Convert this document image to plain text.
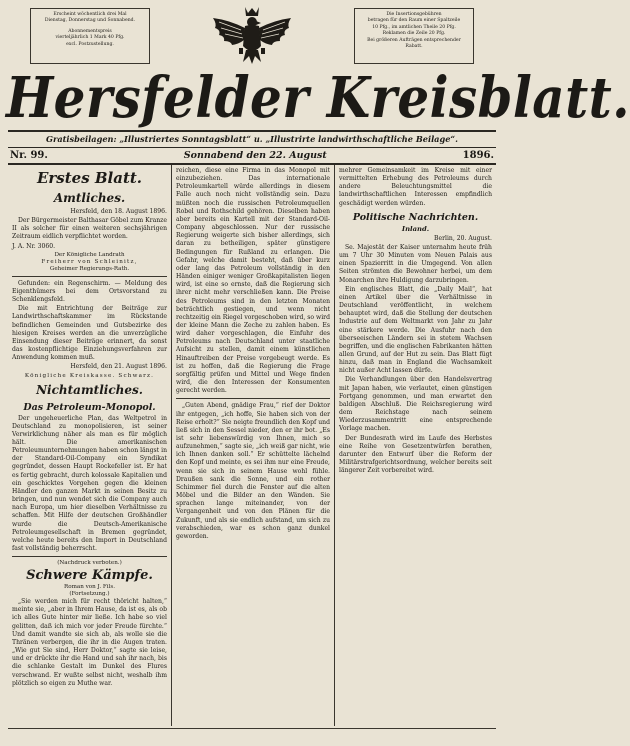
Erscheint wöchentlich drei Mal
Dienstag, Donnerstag und Sonnabend.
Abonnementspreis
vierteljährlich 1 Mark 40 Pfg.
excl. Postzustellung.
Die Insertionsgebühren
betragen für den Raum einer Spaltzeile
10 Pfg., im amtlichen Theile 20 Pfg.
Reklamen die Zeile 20 Pfg.
Bei größeren Aufträgen entsprechender
Rabatt.
Hersfelder Kreisblatt.
Gratisbeilagen: „Illustriertes Sonntagsblatt“ u. „Illustrirte landwirthschaftliche Beilage“.
Nr. 99.	Sonnabend den 22. August	1896.
Erstes Blatt.
Amtliches.

Hersfeld, den 18. August 1896.

Der Bürgermeister Balthasar Göbel zum Kranze II als solcher für einen weiteren sechsjährigen Zeitraum eidlich verpflichtet worden.

J. A. Nr. 3060.

Der Königliche Landrath

Freiherr von Schleinitz,

Geheimer Regierungs-Rath.

Gefunden: ein Regenschirm. — Meldung des Eigenthümers bei dem Ortsvorstand zu Schenklengsfeld.

Die mit Entrichtung der Beiträge zur Landwirthschaftskammer im Rückstande befindlichen Gemeinden und Gutsbezirke des hiesigen Kreises werden an die unverzügliche Einsendung dieser Beiträge erinnert, da sonst das kostenpflichtige Einziehungsverfahren zur Anwendung kommen muß.

Hersfeld, den 21. August 1896.

Königliche Kreiskasse. Schwarz.

Nichtamtliches.
Das Petroleum-Monopol.

Der ungeheuerliche Plan, das Weltpetrol in Deutschland zu monopolisieren, ist seiner Verwirklichung näher als man es für möglich hält. Die amerikanischen Petroleumunternehmungen haben schon längst in der Standard-Oil-Company ein Syndikat gegründet, dessen Haupt Rockefeller ist. Er hat es fertig gebracht, durch kolossale Kapitalien und ein geschicktes Vorgehen gegen die kleinen Händler den ganzen Markt in seinen Besitz zu bringen, und nun wendet sich die Company auch nach Europa, um hier dieselben Verhältnisse zu schaffen. Mit Hilfe der deutschen Großhändler wurde die Deutsch-Amerikanische Petroleumgesellschaft in Bremen gegründet, welche heute bereits den Import in Deutschland fast vollständig beherrscht.

(Nachdruck verboten.)

Schwere Kämpfe.

Roman von J. Fils.

(Fortsetzung.)

„Sie werden mich für recht thöricht halten,“ meinte sie, „aber in Ihrem Hause, da ist es, als ob ich alles Gute hinter mir ließe. Ich habe so viel gelitten, daß ich mich vor jeder Freude fürchte.“ Und damit wandte sie sich ab, als wolle sie die Thränen verbergen, die ihr in die Augen traten. „Wie gut Sie sind, Herr Doktor,“ sagte sie leise, und er drückte ihr die Hand und sah ihr nach, bis die schlanke Gestalt im Dunkel des Flures verschwand. Er wußte selbst nicht, weshalb ihm plötzlich so eigen zu Muthe war.

reichen, diese eine Firma in das Monopol mit einzubeziehen. Das internationale Petroleumkartell würde allerdings in diesem Falle auch noch nicht vollständig sein. Dazu müßten noch die russischen Petroleumquellen Robel und Rothschild gehören. Dieselben haben aber bereits ein Kartell mit der Standard-Oil-Company abgeschlossen. Nur der russische Regierung weigerte sich bisher allerdings, sich daran zu betheiligen, später günstigere Bedingungen für Rußland zu erlangen. Die Gefahr, welche damit besteht, daß über kurz oder lang das Petroleum vollständig in den Händen einiger weniger Großkapitalisten liegen wird, ist eine so ernste, daß die Regierung sich ihrer nicht mehr verschließen kann. Die Preise des Petroleums sind in den letzten Monaten beträchtlich gestiegen, und wenn nicht rechtzeitig ein Riegel vorgeschoben wird, so wird der kleine Mann die Zeche zu zahlen haben. Es wird daher vorgeschlagen, die Einfuhr des Petroleums nach Deutschland unter staatliche Aufsicht zu stellen, damit einem künstlichen Hinauftreiben der Preise vorgebeugt werde. Es ist zu hoffen, daß die Regierung die Frage sorgfältig prüfen und Mittel und Wege finden wird, die den Interessen der Konsumenten gerecht werden.

„Guten Abend, gnädige Frau,“ rief der Doktor ihr entgegen, „ich hoffe, Sie haben sich von der Reise erholt?“ Sie neigte freundlich den Kopf und ließ sich in den Sessel nieder, den er ihr bot. „Es ist sehr liebenswürdig von Ihnen, mich so aufzunehmen,“ sagte sie, „ich weiß gar nicht, wie ich Ihnen danken soll.“ Er schüttelte lächelnd den Kopf und meinte, es sei ihm nur eine Freude, wenn sie sich in seinem Hause wohl fühle. Draußen sank die Sonne, und ein rother Schimmer fiel durch die Fenster auf die alten Möbel und die Bilder an den Wänden. Sie sprachen lange miteinander, von der Vergangenheit und von den Plänen für die Zukunft, und als sie endlich aufstand, um sich zu verabschieden, war es schon ganz dunkel geworden.

mehrer Gemeinsamkeit im Kreise mit einer vermittelten Erhebung des Petroleums durch andere Beleuchtungsmittel die landwirthschaftlichen Interessen empfindlich geschädigt werden würden.

Politische Nachrichten.
Inland.

Berlin, 20. August.

Se. Majestät der Kaiser unternahm heute früh um 7 Uhr 30 Minuten vom Neuen Palais aus einen Spazierritt in die Umgegend. Von allen Seiten strömten die Bewohner herbei, um dem Monarchen ihre Huldigung darzubringen.

Ein englisches Blatt, die „Daily Mail“, hat einen Artikel über die Verhältnisse in Deutschland veröffentlicht, in welchem behauptet wird, daß die Stellung der deutschen Industrie auf dem Weltmarkt von Jahr zu Jahr eine stärkere werde. Die Ausfuhr nach den überseeischen Ländern sei in stetem Wachsen begriffen, und die englischen Fabrikanten hätten allen Grund, auf der Hut zu sein. Das Blatt fügt hinzu, daß man in England die Wachsamkeit nicht außer Acht lassen dürfe.

Die Verhandlungen über den Handelsvertrag mit Japan haben, wie verlautet, einen günstigen Fortgang genommen, und man erwartet den baldigen Abschluß. Die Reichsregierung wird dem Reichstage nach seinem Wiederzusammentritt eine entsprechende Vorlage machen.

Der Bundesrath wird im Laufe des Herbstes eine Reihe von Gesetzentwürfen berathen, darunter den Entwurf über die Reform der Militärstrafgerichtsordnung, welcher bereits seit längerer Zeit vorbereitet wird.
